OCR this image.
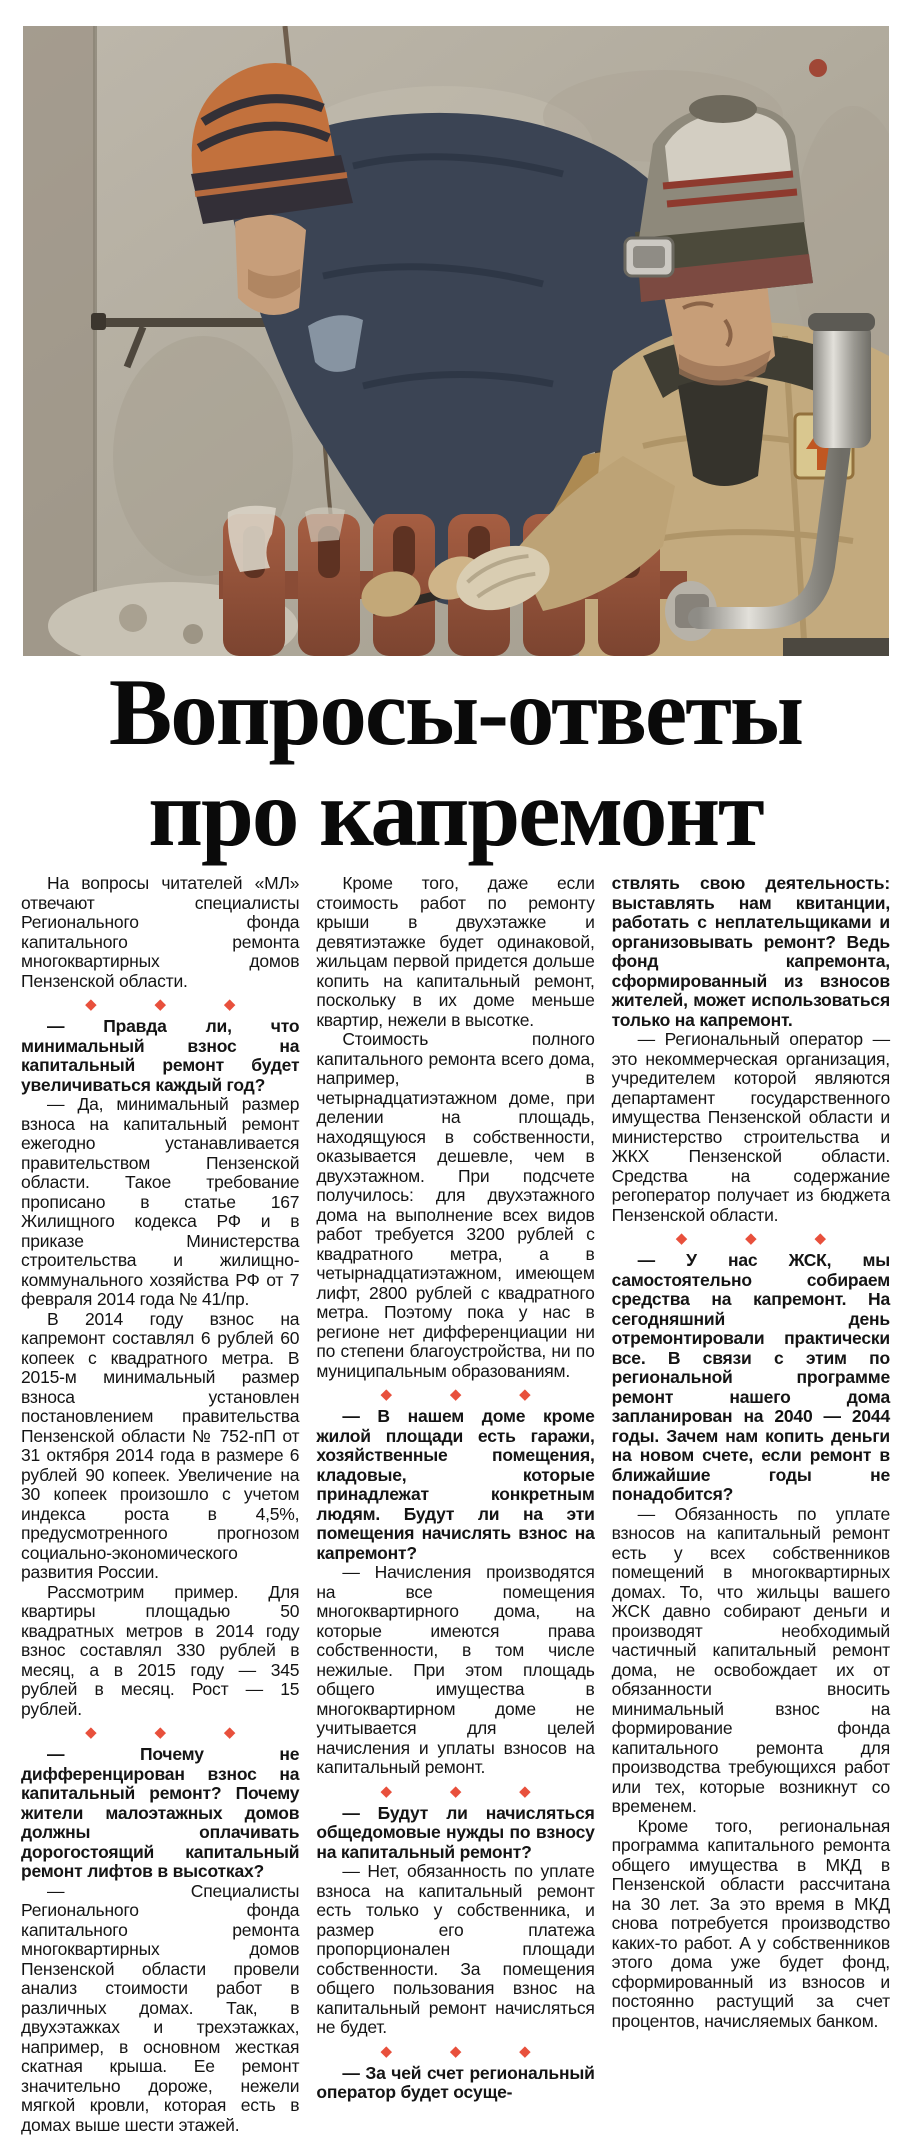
Вопросы-ответы
про капремонт

На вопросы читателей «МЛ» отвечают специалисты Регионального фонда капитального ремонта многоквартирных домов Пензенской области.

◆	◆	◆

— Правда ли, что минимальный взнос на капитальный ремонт будет увеличиваться каждый год?

— Да, минимальный размер взноса на капитальный ремонт ежегодно устанавливается правительством Пензенской области. Такое требование прописано в статье 167 Жилищного кодекса РФ и в приказе Министерства строительства и жилищно-коммунального хозяйства РФ от 7 февраля 2014 года № 41/пр.

В 2014 году взнос на капремонт составлял 6 рублей 60 копеек с квадратного метра. В 2015-м минимальный размер взноса установлен постановлением правительства Пензенской области № 752-пП от 31 октября 2014 года в размере 6 рублей 90 копеек. Увеличение на 30 копеек произошло с учетом индекса роста в 4,5%, предусмотренного прогнозом социально-экономического развития России.

Рассмотрим пример. Для квартиры площадью 50 квадратных метров в 2014 году взнос составлял 330 рублей в месяц, а в 2015 году — 345 рублей в месяц. Рост — 15 рублей.

◆	◆	◆

— Почему не дифференцирован взнос на капитальный ремонт? Почему жители малоэтажных домов должны оплачивать дорогостоящий капитальный ремонт лифтов в высотках?

— Специалисты Регионального фонда капитального ремонта многоквартирных домов Пензенской области провели анализ стоимости работ в различных домах. Так, в двухэтажках и трехэтажках, например, в основном жесткая скатная крыша. Ее ремонт значительно дороже, нежели мягкой кровли, которая есть в домах выше шести этажей.

Кроме того, даже если стоимость работ по ремонту крыши в двухэтажке и девятиэтажке будет одинаковой, жильцам первой придется дольше копить на капитальный ремонт, поскольку в их доме меньше квартир, нежели в высотке.

Стоимость полного капитального ремонта всего дома, например, в четырнадцатиэтажном доме, при делении на площадь, находящуюся в собственности, оказывается дешевле, чем в двухэтажном. При подсчете получилось: для двухэтажного дома на выполнение всех видов работ требуется 3200 рублей с квадратного метра, а в четырнадцатиэтажном, имеющем лифт, 2800 рублей с квадратного метра. Поэтому пока у нас в регионе нет дифференциации ни по степени благоустройства, ни по муниципальным образованиям.

◆	◆	◆

— В нашем доме кроме жилой площади есть гаражи, хозяйственные помещения, кладовые, которые принадлежат конкретным людям. Будут ли на эти помещения начислять взнос на капремонт?

— Начисления производятся на все помещения многоквартирного дома, на которые имеются права собственности, в том числе нежилые. При этом площадь общего имущества в многоквартирном доме не учитывается для целей начисления и уплаты взносов на капитальный ремонт.

◆	◆	◆

— Будут ли начисляться общедомовые нужды по взносу на капитальный ремонт?

— Нет, обязанность по уплате взноса на капитальный ремонт есть только у собственника, и размер его платежа пропорционален площади собственности. За помещения общего пользования взнос на капитальный ремонт начисляться не будет.

◆	◆	◆

— За чей счет региональный оператор будет осуще-

ствлять свою деятельность: выставлять нам квитанции, работать с неплательщиками и организовывать ремонт? Ведь фонд капремонта, сформированный из взносов жителей, может использоваться только на капремонт.

— Региональный оператор — это некоммерческая организация, учредителем которой являются департамент государственного имущества Пензенской области и министерство строительства и ЖКХ Пензенской области. Средства на содержание регоператор получает из бюджета Пензенской области.

◆	◆	◆

— У нас ЖСК, мы самостоятельно собираем средства на капремонт. На сегодняшний день отремонтировали практически все. В связи с этим по региональной программе ремонт нашего дома запланирован на 2040 — 2044 годы. Зачем нам копить деньги на новом счете, если ремонт в ближайшие годы не понадобится?

— Обязанность по уплате взносов на капитальный ремонт есть у всех собственников помещений в многоквартирных домах. То, что жильцы вашего ЖСК давно собирают деньги и производят необходимый частичный капитальный ремонт дома, не освобождает их от обязанности вносить минимальный взнос на формирование фонда капитального ремонта для производства требующихся работ или тех, которые возникнут со временем.

Кроме того, региональная программа капитального ремонта общего имущества в МКД в Пензенской области рассчитана на 30 лет. За это время в МКД снова потребуется производство каких-то работ. А у собственников этого дома уже будет фонд, сформированный из взносов и постоянно растущий за счет процентов, начисляемых банком.
